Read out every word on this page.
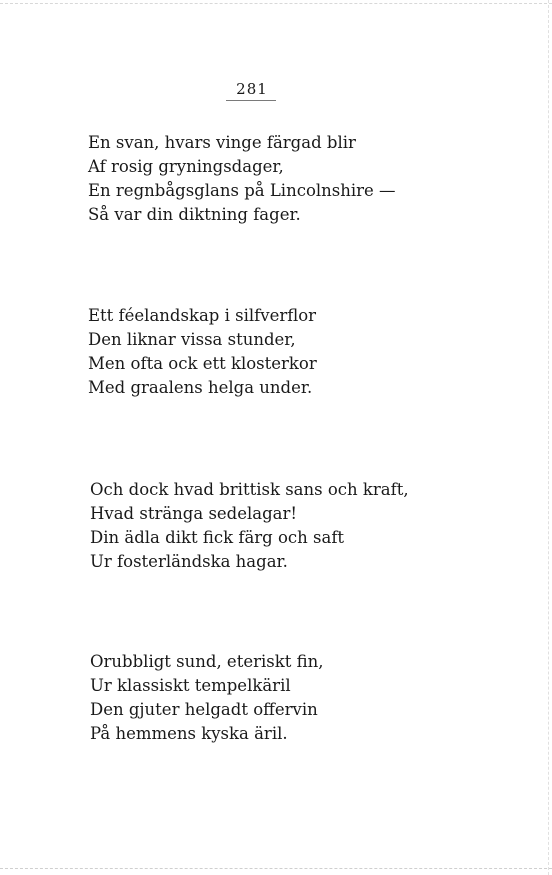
281
En svan, hvars vinge färgad blir
Af rosig gryningsdager,
En regnbågsglans på Lincolnshire —
Så var din diktning fager.
Ett féelandskap i silfverflor
Den liknar vissa stunder,
Men ofta ock ett klosterkor
Med graalens helga under.
Och dock hvad brittisk sans och kraft,
Hvad stränga sedelagar!
Din ädla dikt fick färg och saft
Ur fosterländska hagar.
Orubbligt sund, eteriskt fin,
Ur klassiskt tempelkäril
Den gjuter helgadt offervin
På hemmens kyska äril.
